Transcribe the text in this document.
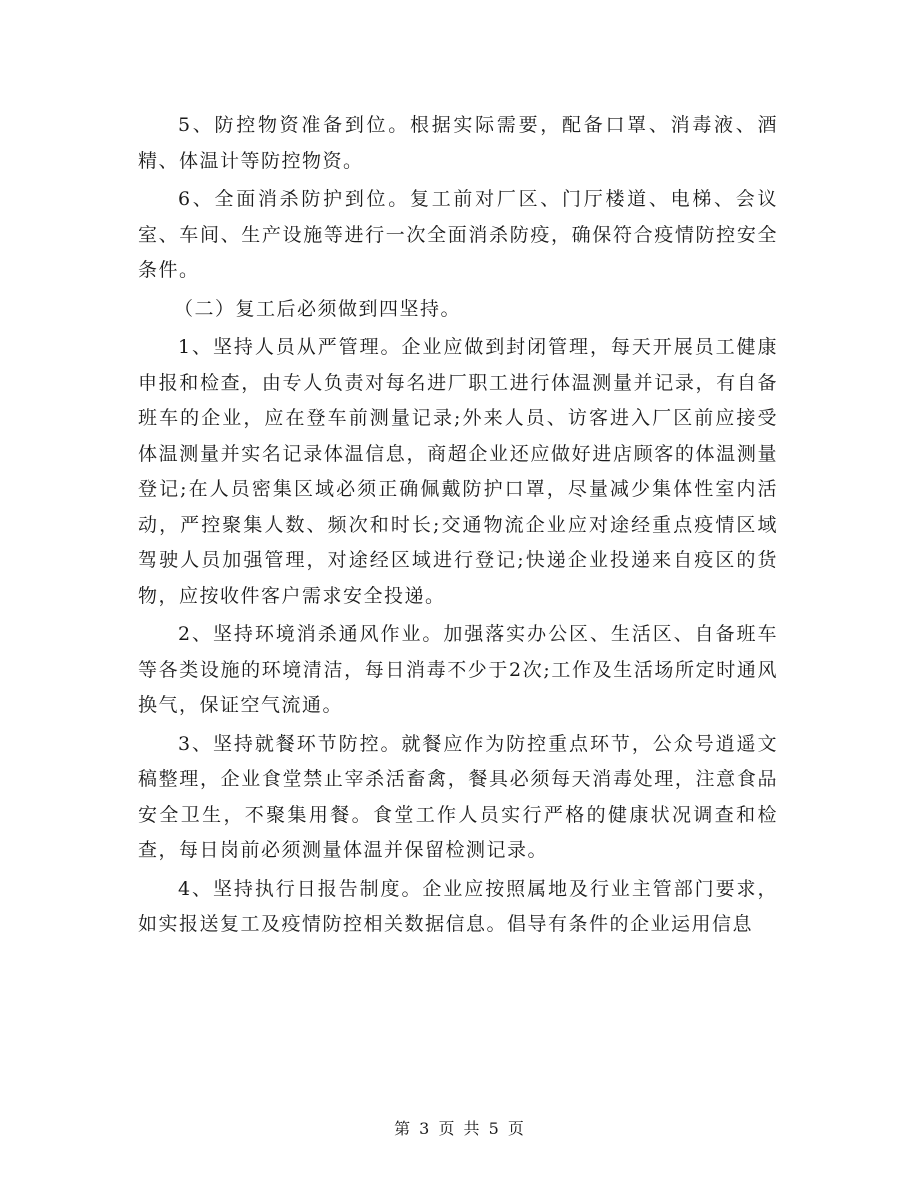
5、防控物资准备到位。根据实际需要，配备口罩、消毒液、酒精、体温计等防控物资。

6、全面消杀防护到位。复工前对厂区、门厅楼道、电梯、会议室、车间、生产设施等进行一次全面消杀防疫，确保符合疫情防控安全条件。

（二）复工后必须做到四坚持。

1、坚持人员从严管理。企业应做到封闭管理，每天开展员工健康申报和检查，由专人负责对每名进厂职工进行体温测量并记录，有自备班车的企业，应在登车前测量记录;外来人员、访客进入厂区前应接受体温测量并实名记录体温信息，商超企业还应做好进店顾客的体温测量登记;在人员密集区域必须正确佩戴防护口罩，尽量减少集体性室内活动，严控聚集人数、频次和时长;交通物流企业应对途经重点疫情区域驾驶人员加强管理，对途经区域进行登记;快递企业投递来自疫区的货物，应按收件客户需求安全投递。

2、坚持环境消杀通风作业。加强落实办公区、生活区、自备班车等各类设施的环境清洁，每日消毒不少于2次;工作及生活场所定时通风换气，保证空气流通。

3、坚持就餐环节防控。就餐应作为防控重点环节，公众号逍遥文稿整理，企业食堂禁止宰杀活畜禽，餐具必须每天消毒处理，注意食品安全卫生，不聚集用餐。食堂工作人员实行严格的健康状况调查和检查，每日岗前必须测量体温并保留检测记录。

4、坚持执行日报告制度。企业应按照属地及行业主管部门要求，如实报送复工及疫情防控相关数据信息。倡导有条件的企业运用信息

第 3 页 共 5 页
